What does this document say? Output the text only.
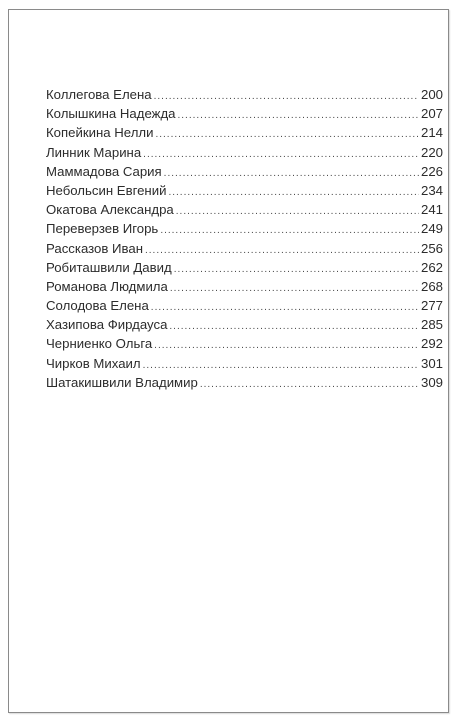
Коллегова Елена .....	200
Колышкина Надежда .....	207
Копейкина Нелли .....	214
Линник Марина .....	220
Маммадова Сария .....	226
Небольсин Евгений .....	234
Окатова Александра .....	241
Переверзев Игорь .....	249
Рассказов Иван .....	256
Робиташвили Давид .....	262
Романова Людмила .....	268
Солодова Елена .....	277
Хазипова Фирдауса .....	285
Черниенко Ольга .....	292
Чирков Михаил .....	301
Шатакишвили Владимир .....	309
